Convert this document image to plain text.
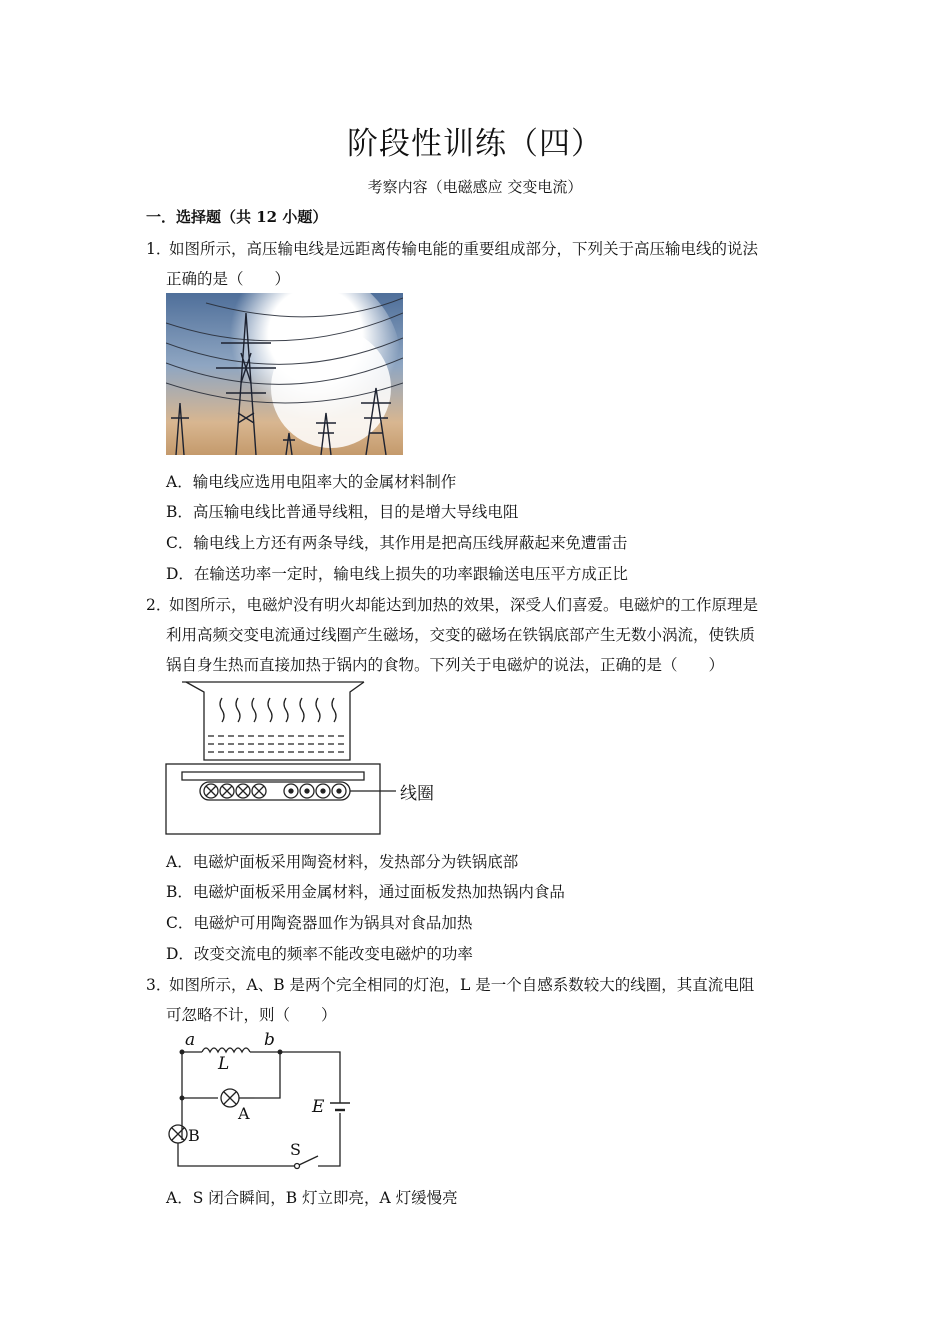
阶段性训练（四）
考察内容（电磁感应 交变电流）
一．选择题（共 12 小题）
1．
如图所示，高压输电线是远距离传输电能的重要组成部分，下列关于高压输电线的说法
正确的是（　　）
A．输电线应选用电阻率大的金属材料制作
B．高压输电线比普通导线粗，目的是增大导线电阻
C．输电线上方还有两条导线，其作用是把高压线屏蔽起来免遭雷击
D．在输送功率一定时，输电线上损失的功率跟输送电压平方成正比
2．
如图所示，电磁炉没有明火却能达到加热的效果，深受人们喜爱。电磁炉的工作原理是
利用高频交变电流通过线圈产生磁场，交变的磁场在铁锅底部产生无数小涡流，使铁质
锅自身生热而直接加热于锅内的食物。下列关于电磁炉的说法，正确的是（　　）
线圈
A．电磁炉面板采用陶瓷材料，发热部分为铁锅底部
B．电磁炉面板采用金属材料，通过面板发热加热锅内食品
C．电磁炉可用陶瓷器皿作为锅具对食品加热
D．改变交流电的频率不能改变电磁炉的功率
3．
如图所示，A、B 是两个完全相同的灯泡，L 是一个自感系数较大的线圈，其直流电阻
可忽略不计，则（　　）
a	b
L
A
B
E
S
A．S 闭合瞬间，B 灯立即亮，A 灯缓慢亮
